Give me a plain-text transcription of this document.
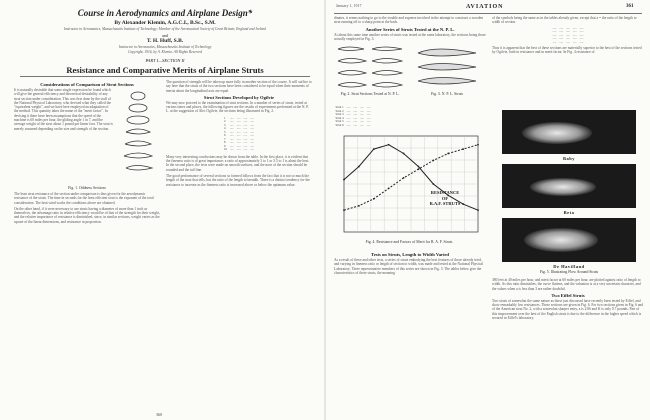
Course in Aerodynamics and Airplane Design*
By Alexander Klemin, A.G.C.I., B.Sc., S.M.
Instructor in Aeronautics, Massachusetts Institute of Technology; Member of the Aeronautical Society of Great Britain, England and Ireland
and
T. H. Huff, S.B.
Instructor in Aeronautics, Massachusetts Institute of Technology
Copyright, 1916, by A. Klemin. All Rights Reserved
PART I—SECTION II
Resistance and Comparative Merits of Airplane Struts
Considerations of Comparison of Strut Sections
It is naturally desirable that some single expression be found which will give the general efficiency and theoretical desirability of any strut section under consideration. This was first done by the staff of the National Physical Laboratory, who devised what they called the "equivalent weight", and we have here employed an adaptation of the method. This quantity takes the name of the "merit factor". In devising it there have been assumptions that the speed of the machine is 60 miles per hour, the gliding angle 1 in 7, and the average weight of the strut about 1 pound per linear foot. The strut is merely assumed depending on the size and strength of the section.
Fig. 1. Oddness Sections
The least strut resistance of the section under comparison is thus given for the aerodynamic resistance of the struts. The time in seconds for the least efficient strut is the exponent of the total consideration. The heat wind works the conditions above are obtained.
On the other hand, if it were necessary to use struts having a diameter of more than 1 inch as themselves, the advantage ratio in relative efficiency would be of that of the strength for their weight, and the relative importance of resistance is diminished, since, in similar sections, weight varies as the square of the linear dimensions, and resistance in proportion.
The question of strength will be taken up more fully in another section of the course. It will suffice to say here that the struts of the two sections have been considered to be equal when their moments of inertia about the longitudinal axis are equal.
Strut Sections Developed by Ogilvie
We may now proceed to the examination of strut sections. In a number of series of struts, tested at various times and places, the following figures are the results of experiments performed at the N. P. L. at the suggestion of Alec Ogilvie, the sections being illustrated in Fig. 2.
1	.....	.....	.....	.....
2	.....	.....	.....	.....
3	.....	.....	.....	.....
4	.....	.....	.....	.....
5	.....	.....	.....	.....
6	.....	.....	.....	.....
7	.....	.....	.....	.....
8	.....	.....	.....	.....
9	.....	.....	.....	.....
10	.....	.....	.....	.....
Many very interesting conclusions may be drawn from the table. In the first place, it is evident that the fineness ratio is of great importance; a ratio of approximately 3 to 1 or 3.5 to 1 is about the best. In the second place, the tests were made on smooth surfaces, and the nose of the section should be rounded and the tail fine.
The good performance of several sections so formed follows from the fact that it is not so much the length of the strut that tells, but the ratio of the length to breadth. There is a distinct tendency for the resistance to increase as the fineness ratio is increased above or below the optimum value.
360
January 1, 1917	AVIATION	361
dinates, it seems nothing to go to the trouble and expense involved in the attempt to construct a wooden strut running off to a sharp point at the back.
Another Series of Struts Tested at the N. P. L.
At about this same time another series of struts was tested at the same laboratory, the sections being those actually employed in Fig. 3.
Fig. 2. Strut Sections Tested at N. P. L.	Fig. 3. N. P. L. Struts
Strut 1	.....	.....	.....	.....
Strut 2	.....	.....	.....	.....
Strut 3	.....	.....	.....	.....
Strut 4	.....	.....	.....	.....
Strut 5	.....	.....	.....	.....
Strut 6	.....	.....	.....	.....
RESISTANCE
OF
R.A.F. STRUTS
Fig. 4. Resistance and Factors of Merit for R. A. F. Struts
Tests on Struts, Length to Width Varied
As a result of these and other tests, a series of struts embodying the best features of those already tried, and varying in fineness ratio or length of section to width, was made and tested at the National Physical Laboratory. Three representative members of this series are shown in Fig. 3. The tables below give the characteristics of these struts, the meaning
of the symbols being the same as in the tables already given, except that a = the ratio of the length to width of section.
.....	.....	.....	.....	.....
.....	.....	.....	.....	.....
.....	.....	.....	.....	.....
.....	.....	.....	.....	.....
.....	.....	.....	.....	.....
Thus it is apparent that the best of these sections are materially superior to the best of the sections tested by Ogilvie, both in resistance and in merit factor. In Fig. 4 resistance of
Baby
Beta
De Havilland
Fig. 5. Illustrating Flow Around Struts
380 feet at 40 miles per hour, and merit factor at 60 miles per hour, are plotted against ratio of length to width. As this ratio diminishes, the curve flattens, and the valuation is at a very uncertain character, and the values when a is less than 3 are rather doubtful.
Two Eiffel Struts
Two struts of somewhat the same nature as those just discussed have recently been tested by Eiffel, and show remarkably low resistances. These sections are given in Fig. 6. For two sections given in Fig. 6 and of the American strut No. 2, with a somewhat sharper entry, a is 2.86 and K is only 0.7 pounds. Part of this improvement over the best of the English struts is due to the difference in the higher speed which is secured in Eiffel's laboratory.
